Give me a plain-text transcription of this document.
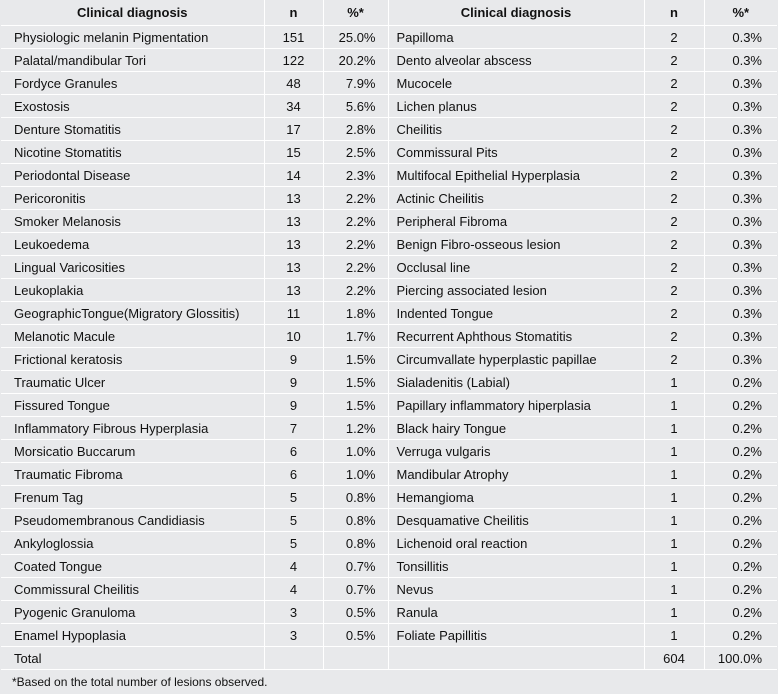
Clinical diagnosis	n	%*	Clinical diagnosis	n	%*
Physiologic melanin Pigmentation	151	25.0%	Papilloma	2	0.3%
Palatal/mandibular Tori	122	20.2%	Dento alveolar abscess	2	0.3%
Fordyce Granules	48	7.9%	Mucocele	2	0.3%
Exostosis	34	5.6%	Lichen planus	2	0.3%
Denture Stomatitis	17	2.8%	Cheilitis	2	0.3%
Nicotine Stomatitis	15	2.5%	Commissural Pits	2	0.3%
Periodontal Disease	14	2.3%	Multifocal Epithelial Hyperplasia	2	0.3%
Pericoronitis	13	2.2%	Actinic Cheilitis	2	0.3%
Smoker Melanosis	13	2.2%	Peripheral Fibroma	2	0.3%
Leukoedema	13	2.2%	Benign Fibro-osseous lesion	2	0.3%
Lingual Varicosities	13	2.2%	Occlusal line	2	0.3%
Leukoplakia	13	2.2%	Piercing associated lesion	2	0.3%
GeographicTongue(Migratory Glossitis)	11	1.8%	Indented Tongue	2	0.3%
Melanotic Macule	10	1.7%	Recurrent Aphthous Stomatitis	2	0.3%
Frictional keratosis	9	1.5%	Circumvallate hyperplastic papillae	2	0.3%
Traumatic Ulcer	9	1.5%	Sialadenitis (Labial)	1	0.2%
Fissured Tongue	9	1.5%	Papillary inflammatory hiperplasia	1	0.2%
Inflammatory Fibrous Hyperplasia	7	1.2%	Black hairy Tongue	1	0.2%
Morsicatio Buccarum	6	1.0%	Verruga vulgaris	1	0.2%
Traumatic Fibroma	6	1.0%	Mandibular Atrophy	1	0.2%
Frenum Tag	5	0.8%	Hemangioma	1	0.2%
Pseudomembranous Candidiasis	5	0.8%	Desquamative Cheilitis	1	0.2%
Ankyloglossia	5	0.8%	Lichenoid oral reaction	1	0.2%
Coated Tongue	4	0.7%	Tonsillitis	1	0.2%
Commissural Cheilitis	4	0.7%	Nevus	1	0.2%
Pyogenic Granuloma	3	0.5%	Ranula	1	0.2%
Enamel Hypoplasia	3	0.5%	Foliate Papillitis	1	0.2%
Total				604	100.0%
*Based on the total number of lesions observed.
